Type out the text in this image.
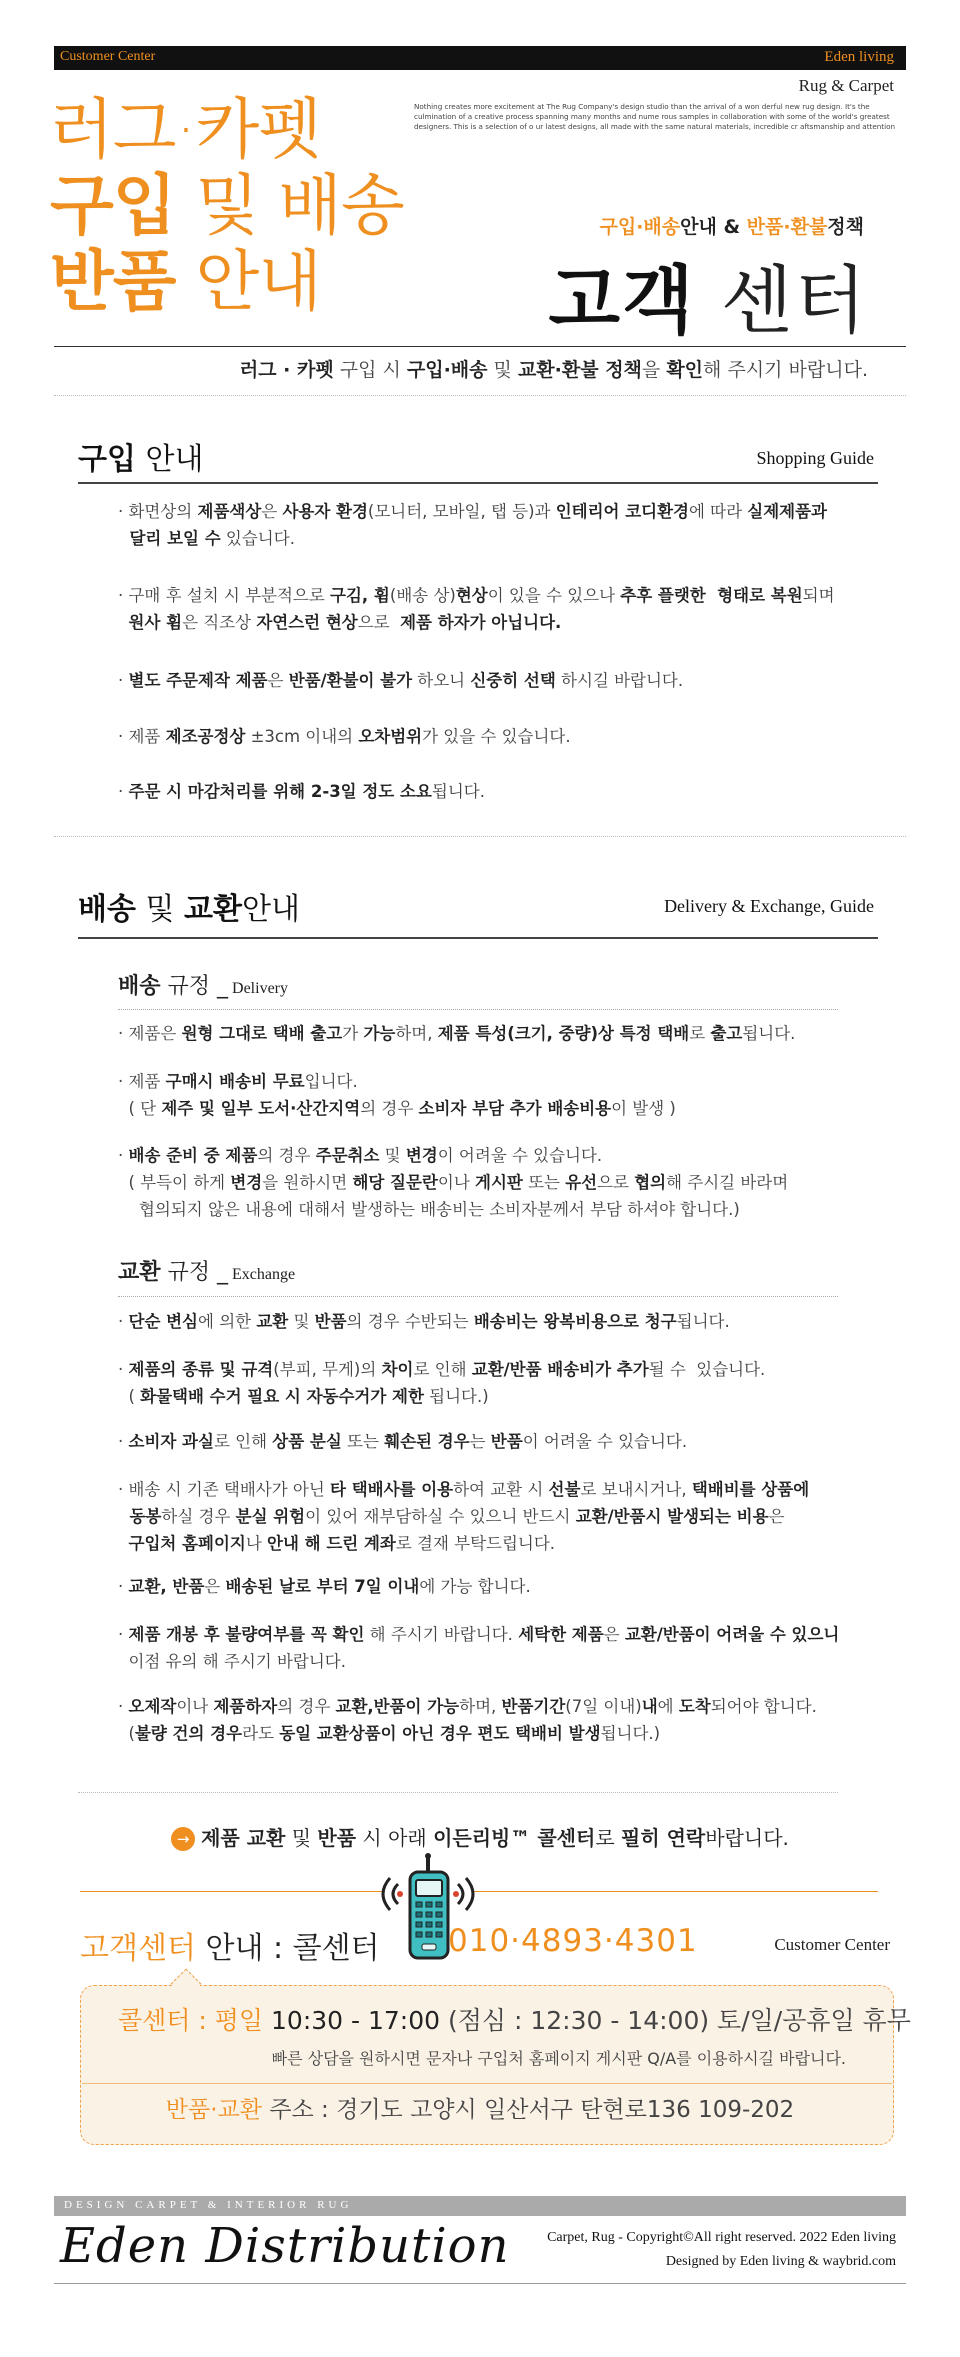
Customer Center	Eden living
Rug & Carpet
Nothing creates more excitement at The Rug Company's design studio than the arrival of a won derful new rug design. It's the culmination of a creative process spanning many months and nume rous samples in collaboration with some of the world's greatest designers. This is a selection of o ur latest designs, all made with the same natural materials, incredible cr aftsmanship and attention
러그·카펫
구입 및 배송
반품 안내
구입·배송안내 & 반품·환불정책
고객 센터
러그 · 카펫 구입 시 구입·배송 및 교환·환불 정책을 확인해 주시기 바랍니다.
구입 안내	Shopping Guide
· 화면상의 제품색상은 사용자 환경(모니터, 모바일, 탭 등)과 인테리어 코디환경에 따라 실제제품과
달리 보일 수 있습니다.
· 구매 후 설치 시 부분적으로 구김, 휨(배송 상)현상이 있을 수 있으나 추후 플랫한  형태로 복원되며
원사 휨은 직조상 자연스런 현상으로  제품 하자가 아닙니다.
· 별도 주문제작 제품은 반품/환불이 불가 하오니 신중히 선택 하시길 바랍니다.
· 제품 제조공정상 ±3cm 이내의 오차범위가 있을 수 있습니다.
· 주문 시 마감처리를 위해 2-3일 정도 소요됩니다.
배송 및 교환안내	Delivery & Exchange, Guide
배송 규정 _ Delivery
· 제품은 원형 그대로 택배 출고가 가능하며, 제품 특성(크기, 중량)상 특정 택배로 출고됩니다.
· 제품 구매시 배송비 무료입니다.
( 단 제주 및 일부 도서·산간지역의 경우 소비자 부담 추가 배송비용이 발생 )
· 배송 준비 중 제품의 경우 주문취소 및 변경이 어려울 수 있습니다.
( 부득이 하게 변경을 원하시면 해당 질문란이나 게시판 또는 유선으로 협의해 주시길 바라며
협의되지 않은 내용에 대해서 발생하는 배송비는 소비자분께서 부담 하셔야 합니다.)
교환 규정 _ Exchange
· 단순 변심에 의한 교환 및 반품의 경우 수반되는 배송비는 왕복비용으로 청구됩니다.
· 제품의 종류 및 규격(부피, 무게)의 차이로 인해 교환/반품 배송비가 추가될 수  있습니다.
( 화물택배 수거 필요 시 자동수거가 제한 됩니다.)
· 소비자 과실로 인해 상품 분실 또는 훼손된 경우는 반품이 어려울 수 있습니다.
· 배송 시 기존 택배사가 아닌 타 택배사를 이용하여 교환 시 선불로 보내시거나, 택배비를 상품에
동봉하실 경우 분실 위험이 있어 재부담하실 수 있으니 반드시 교환/반품시 발생되는 비용은
구입처 홈페이지나 안내 해 드린 계좌로 결재 부탁드립니다.
· 교환, 반품은 배송된 날로 부터 7일 이내에 가능 합니다.
· 제품 개봉 후 불량여부를 꼭 확인 해 주시기 바랍니다. 세탁한 제품은 교환/반품이 어려울 수 있으니
이점 유의 해 주시기 바랍니다.
· 오제작이나 제품하자의 경우 교환,반품이 가능하며, 반품기간(7일 이내)내에 도착되어야 합니다.
(불량 건의 경우라도 동일 교환상품이 아닌 경우 편도 택배비 발생됩니다.)
→ 제품 교환 및 반품 시 아래 이든리빙™ 콜센터로 필히 연락바랍니다.
고객센터 안내 : 콜센터 010·4893·4301	Customer Center
콜센터 : 평일 10:30 - 17:00 (점심 : 12:30 - 14:00) 토/일/공휴일 휴무
빠른 상담을 원하시면 문자나 구입처 홈페이지 게시판 Q/A를 이용하시길 바랍니다.
반품·교환 주소 : 경기도 고양시 일산서구 탄현로136 109-202
DESIGN CARPET & INTERIOR RUG
Eden Distribution	Carpet, Rug - Copyright©All right reserved. 2022 Eden living
Designed by Eden living & waybrid.com
